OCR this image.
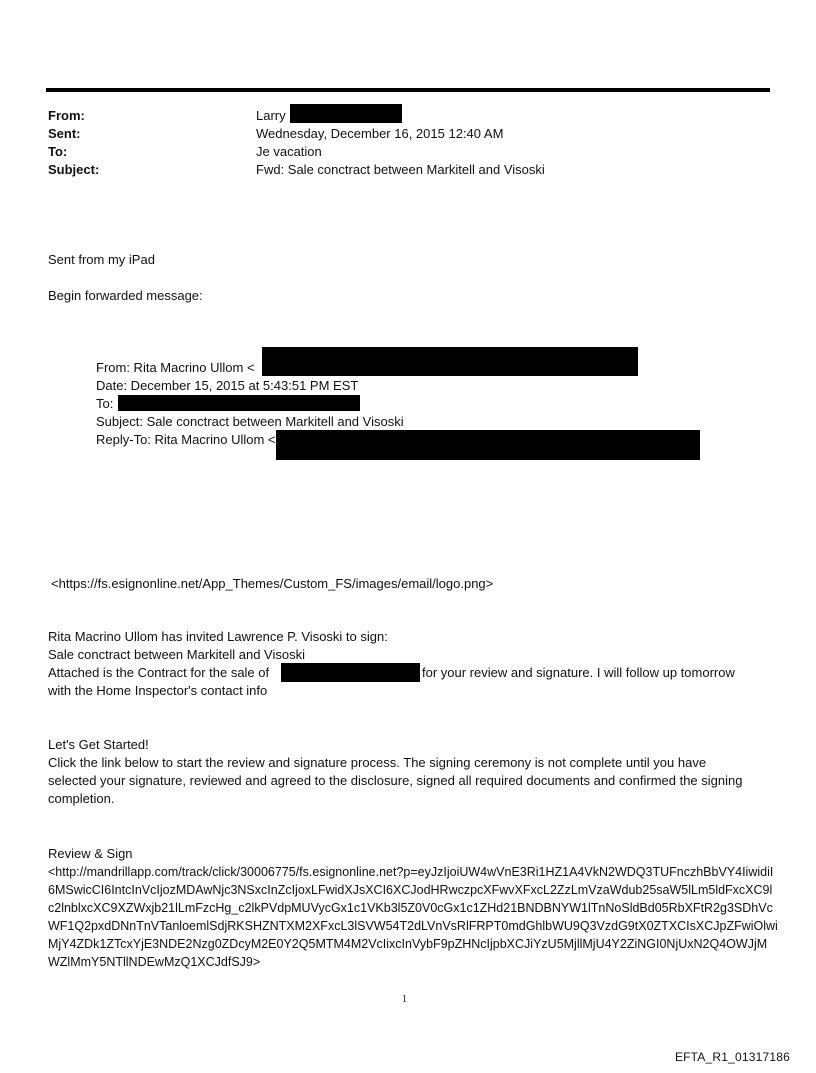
From:	Larry
Sent:	Wednesday, December 16, 2015 12:40 AM
To:	Je vacation
Subject:	Fwd: Sale conctract between Markitell and Visoski
Sent from my iPad
Begin forwarded message:
From: Rita Macrino Ullom <
Date: December 15, 2015 at 5:43:51 PM EST
To:
Subject: Sale conctract between Markitell and Visoski
Reply-To: Rita Macrino Ullom <
<https://fs.esignonline.net/App_Themes/Custom_FS/images/email/logo.png>
Rita Macrino Ullom has invited Lawrence P. Visoski to sign:
Sale conctract between Markitell and Visoski
Attached is the Contract for the sale of	for your review and signature. I will follow up tomorrow
with the Home Inspector's contact info
Let's Get Started!
Click the link below to start the review and signature process. The signing ceremony is not complete until you have selected your signature, reviewed and agreed to the disclosure, signed all required documents and confirmed the signing completion.
Review & Sign
<http://mandrillapp.com/track/click/30006775/fs.esignonline.net?p=eyJzIjoiUW4wVnE3Ri1HZ1A4VkN2WDQ3TUFnczhBbVY4IiwidiI6MSwicCI6IntcInVcIjozMDAwNjc3NSxcInZcIjoxLFwidXJsXCI6XCJodHRwczpcXFwvXFxcL2ZzLmVzaWdub25saW5lLm5ldFxcXC9lc2lnblxcXC9XZWxjb21lLmFzcHg_c2lkPVdpMUVycGx1c1VKb3l5Z0V0cGx1c1ZHd21BNDBNYW1lTnNoSldBd05RbXFtR2g3SDhVcWF1Q2pxdDNnTnVTanloemlSdjRKSHZNTXM2XFxcL3lSVW54T2dLVnVsRlFRPT0mdGhlbWU9Q3VzdG9tX0ZTXCIsXCJpZFwiOlwiMjY4ZDk1ZTcxYjE3NDE2Nzg0ZDcyM2E0Y2Q5MTM4M2VcIixcInVybF9pZHNcIjpbXCJiYzU5MjllMjU4Y2ZiNGI0NjUxN2Q4OWJjMWZlMmY5NTllNDEwMzQ1XCJdfSJ9>
1
EFTA_R1_01317186
